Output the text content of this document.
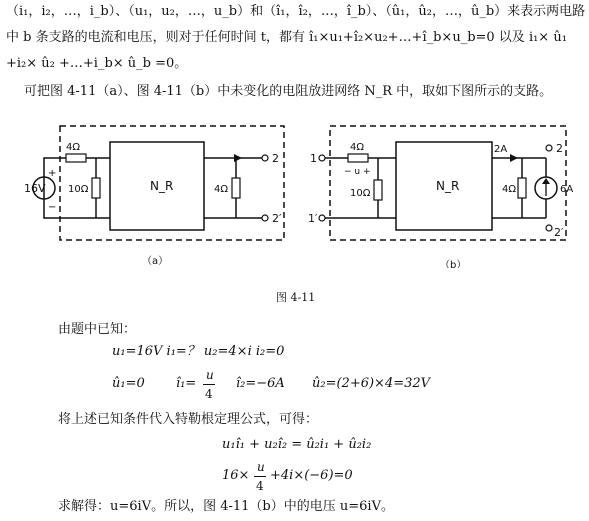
（i₁，i₂，…，i_b）、（u₁，u₂，…，u_b）和（î₁，î₂，…，î_b）、（û₁，û₂，…，û_b）来表示两电路
中 b 条支路的电流和电压，则对于任何时间 t，都有 î₁×u₁+î₂×u₂+…+î_b×u_b=0 以及 i₁× û₁
+i₂× û₂ +…+i_b× û_b =0。
可把图 4-11（a）、图 4-11（b）中未变化的电阻放进网络 N_R 中，取如下图所示的支路。
16V
+
−
4Ω
10Ω	N_R	4Ω
2
2′
（a）
1
1′
4Ω
− u +
10Ω
N_R
2A
4Ω	6A
2
2′
（b）
图 4-11
由题中已知：
u₁=16V i₁=？ u₂=4×i i₂=0
û₁=0 î₁=
u
4
î₂=−6A û₂=(2+6)×4=32V
将上述已知条件代入特勒根定理公式，可得：
u₁î₁ + u₂î₂ = û₂i₁ + û₂i₂
16×
u
4
+4i×(−6)=0
求解得：u=6iV。所以，图 4-11（b）中的电压 u=6iV。
